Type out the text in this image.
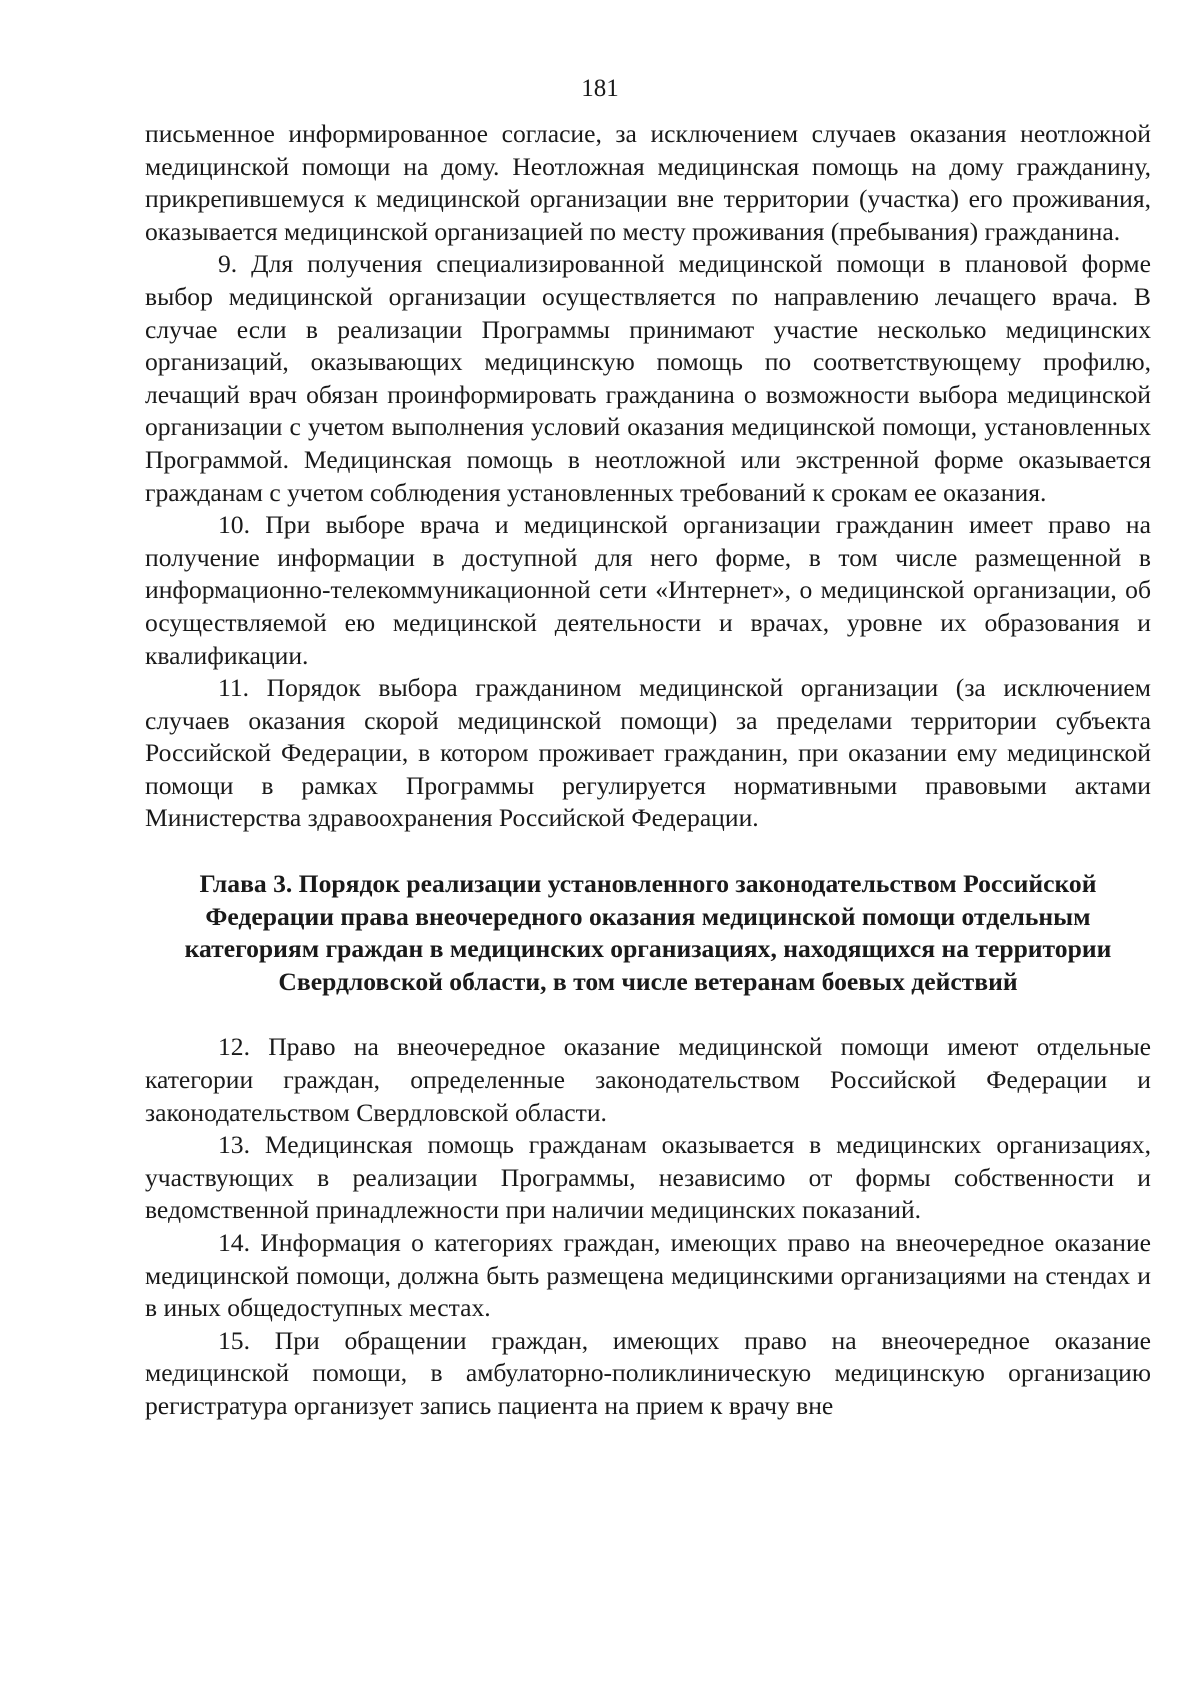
181

письменное информированное согласие, за исключением случаев оказания неотложной медицинской помощи на дому. Неотложная медицинская помощь на дому гражданину, прикрепившемуся к медицинской организации вне территории (участка) его проживания, оказывается медицинской организацией по месту проживания (пребывания) гражданина.

9. Для получения специализированной медицинской помощи в плановой форме выбор медицинской организации осуществляется по направлению лечащего врача. В случае если в реализации Программы принимают участие несколько медицинских организаций, оказывающих медицинскую помощь по соответствующему профилю, лечащий врач обязан проинформировать гражданина о возможности выбора медицинской организации с учетом выполнения условий оказания медицинской помощи, установленных Программой. Медицинская помощь в неотложной или экстренной форме оказывается гражданам с учетом соблюдения установленных требований к срокам ее оказания.

10. При выборе врача и медицинской организации гражданин имеет право на получение информации в доступной для него форме, в том числе размещенной в информационно-телекоммуникационной сети «Интернет», о медицинской организации, об осуществляемой ею медицинской деятельности и врачах, уровне их образования и квалификации.

11. Порядок выбора гражданином медицинской организации (за исключением случаев оказания скорой медицинской помощи) за пределами территории субъекта Российской Федерации, в котором проживает гражданин, при оказании ему медицинской помощи в рамках Программы регулируется нормативными правовыми актами Министерства здравоохранения Российской Федерации.

Глава 3. Порядок реализации установленного законодательством Российской Федерации права внеочередного оказания медицинской помощи отдельным категориям граждан в медицинских организациях, находящихся на территории Свердловской области, в том числе ветеранам боевых действий

12. Право на внеочередное оказание медицинской помощи имеют отдельные категории граждан, определенные законодательством Российской Федерации и законодательством Свердловской области.

13. Медицинская помощь гражданам оказывается в медицинских организациях, участвующих в реализации Программы, независимо от формы собственности и ведомственной принадлежности при наличии медицинских показаний.

14. Информация о категориях граждан, имеющих право на внеочередное оказание медицинской помощи, должна быть размещена медицинскими организациями на стендах и в иных общедоступных местах.

15. При обращении граждан, имеющих право на внеочередное оказание медицинской помощи, в амбулаторно-поликлиническую медицинскую организацию регистратура организует запись пациента на прием к врачу вне
